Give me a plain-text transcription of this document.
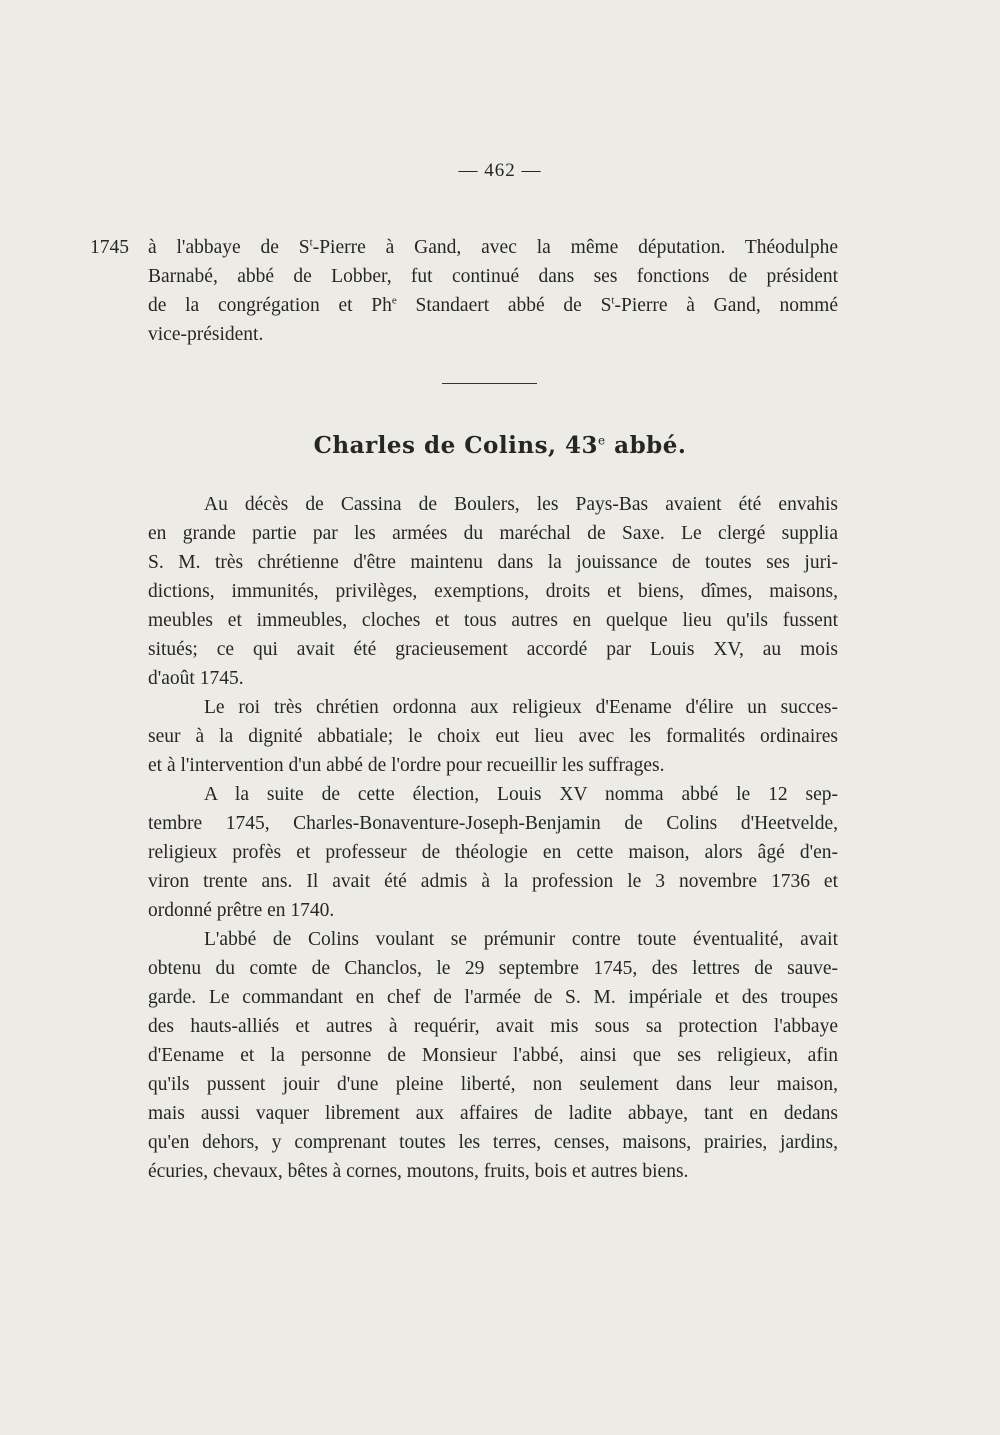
— 462 —
1745 à l'abbaye de $S^t$-Pierre à Gand, avec la même députation. Théodulphe
Barnabé, abbé de Lobber, fut continué dans ses fonctions de président
de la congrégation et Ph$^e$ Standaert abbé de $S^t$-Pierre à Gand, nommé
vice-président.
Charles de Colins, 43e abbé.
Au décès de Cassina de Boulers, les Pays-Bas avaient été envahis
en grande partie par les armées du maréchal de Saxe. Le clergé supplia
S. M. très chrétienne d'être maintenu dans la jouissance de toutes ses juri-
dictions, immunités, privilèges, exemptions, droits et biens, dîmes, maisons,
meubles et immeubles, cloches et tous autres en quelque lieu qu'ils fussent
situés; ce qui avait été gracieusement accordé par Louis XV, au mois
d'août 1745.
Le roi très chrétien ordonna aux religieux d'Eename d'élire un succes-
seur à la dignité abbatiale; le choix eut lieu avec les formalités ordinaires
et à l'intervention d'un abbé de l'ordre pour recueillir les suffrages.
A la suite de cette élection, Louis XV nomma abbé le 12 sep-
tembre 1745, Charles-Bonaventure-Joseph-Benjamin de Colins d'Heetvelde,
religieux profès et professeur de théologie en cette maison, alors âgé d'en-
viron trente ans. Il avait été admis à la profession le 3 novembre 1736 et
ordonné prêtre en 1740.
L'abbé de Colins voulant se prémunir contre toute éventualité, avait
obtenu du comte de Chanclos, le 29 septembre 1745, des lettres de sauve-
garde. Le commandant en chef de l'armée de S. M. impériale et des troupes
des hauts-alliés et autres à requérir, avait mis sous sa protection l'abbaye
d'Eename et la personne de Monsieur l'abbé, ainsi que ses religieux, afin
qu'ils pussent jouir d'une pleine liberté, non seulement dans leur maison,
mais aussi vaquer librement aux affaires de ladite abbaye, tant en dedans
qu'en dehors, y comprenant toutes les terres, censes, maisons, prairies, jardins,
écuries, chevaux, bêtes à cornes, moutons, fruits, bois et autres biens.
